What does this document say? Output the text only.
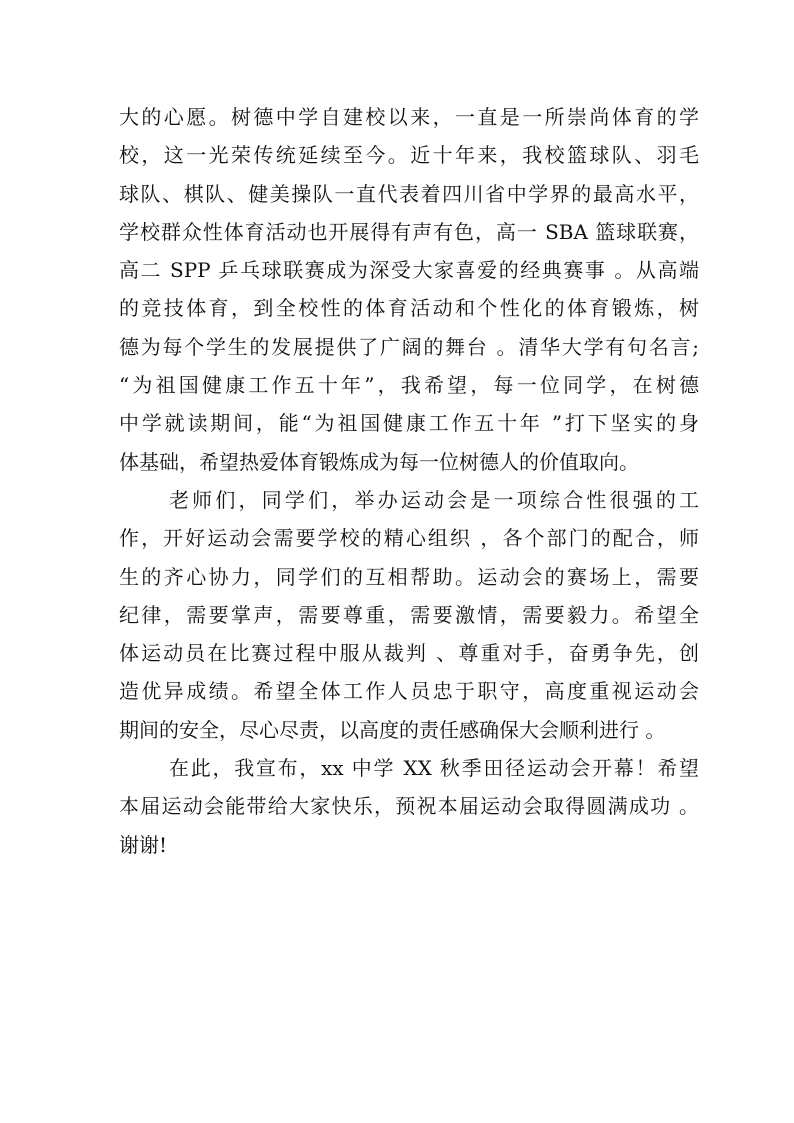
大的心愿。树德中学自建校以来，一直是一所崇尚体育的学
校，这一光荣传统延续至今。近十年来，我校篮球队、羽毛
球队、棋队、健美操队一直代表着四川省中学界的最高水平，
学校群众性体育活动也开展得有声有色，高一 SBA 篮球联赛，
高二 SPP 乒乓球联赛成为深受大家喜爱的经典赛事 。从高端
的竞技体育，到全校性的体育活动和个性化的体育锻炼，树
德为每个学生的发展提供了广阔的舞台 。清华大学有句名言;
“为祖国健康工作五十年”，我希望，每一位同学，在树德
中学就读期间，能“为祖国健康工作五十年 ”打下坚实的身
体基础，希望热爱体育锻炼成为每一位树德人的价值取向。
老师们，同学们，举办运动会是一项综合性很强的工
作，开好运动会需要学校的精心组织 ，各个部门的配合，师
生的齐心协力，同学们的互相帮助。运动会的赛场上，需要
纪律，需要掌声，需要尊重，需要激情，需要毅力。希望全
体运动员在比赛过程中服从裁判 、尊重对手，奋勇争先，创
造优异成绩。希望全体工作人员忠于职守，高度重视运动会
期间的安全，尽心尽责，以高度的责任感确保大会顺利进行 。
在此，我宣布，xx 中学 XX 秋季田径运动会开幕！希望
本届运动会能带给大家快乐，预祝本届运动会取得圆满成功 。
谢谢!
